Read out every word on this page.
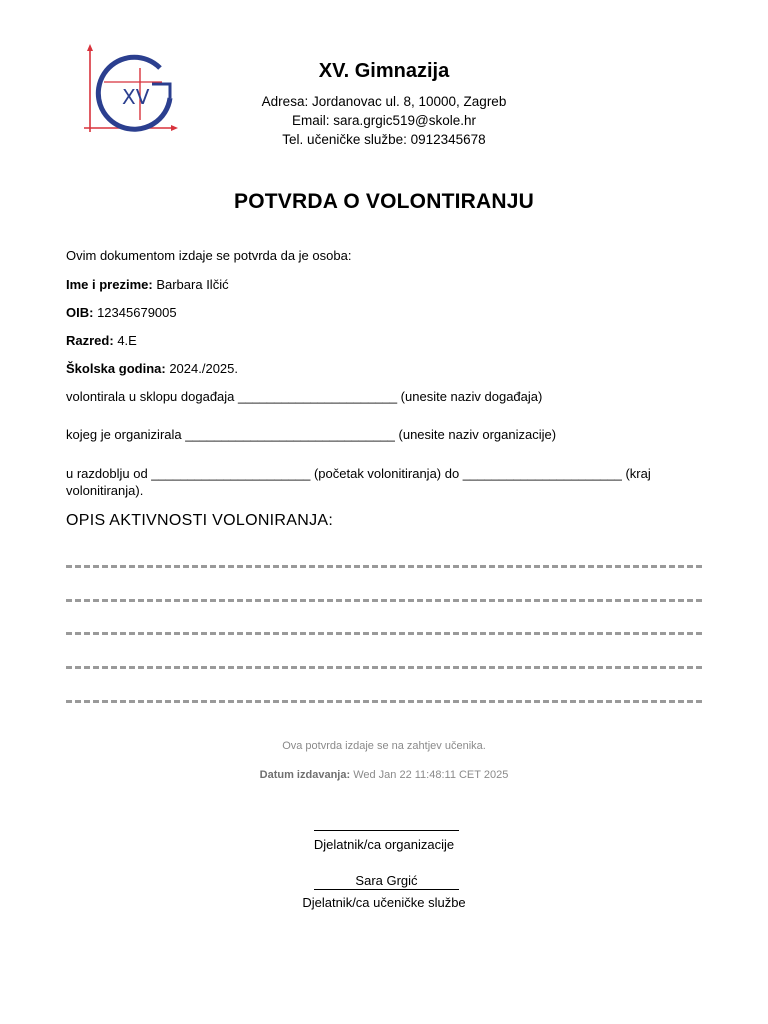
XV
XV. Gimnazija
Adresa: Jordanovac ul. 8, 10000, Zagreb
Email: sara.grgic519@skole.hr
Tel. učeničke službe: 0912345678
POTVRDA O VOLONTIRANJU
Ovim dokumentom izdaje se potvrda da je osoba:
Ime i prezime: Barbara Ilčić
OIB: 12345679005
Razred: 4.E
Školska godina: 2024./2025.
volontirala u sklopu događaja ______________________ (unesite naziv događaja)
kojeg je organizirala _____________________________ (unesite naziv organizacije)
u razdoblju od ______________________ (početak volonitiranja) do ______________________ (kraj volonitiranja).
OPIS AKTIVNOSTI VOLONIRANJA:
Ova potvrda izdaje se na zahtjev učenika.
Datum izdavanja: Wed Jan 22 11:48:11 CET 2025
Djelatnik/ca organizacije
Sara Grgić
Djelatnik/ca učeničke službe
